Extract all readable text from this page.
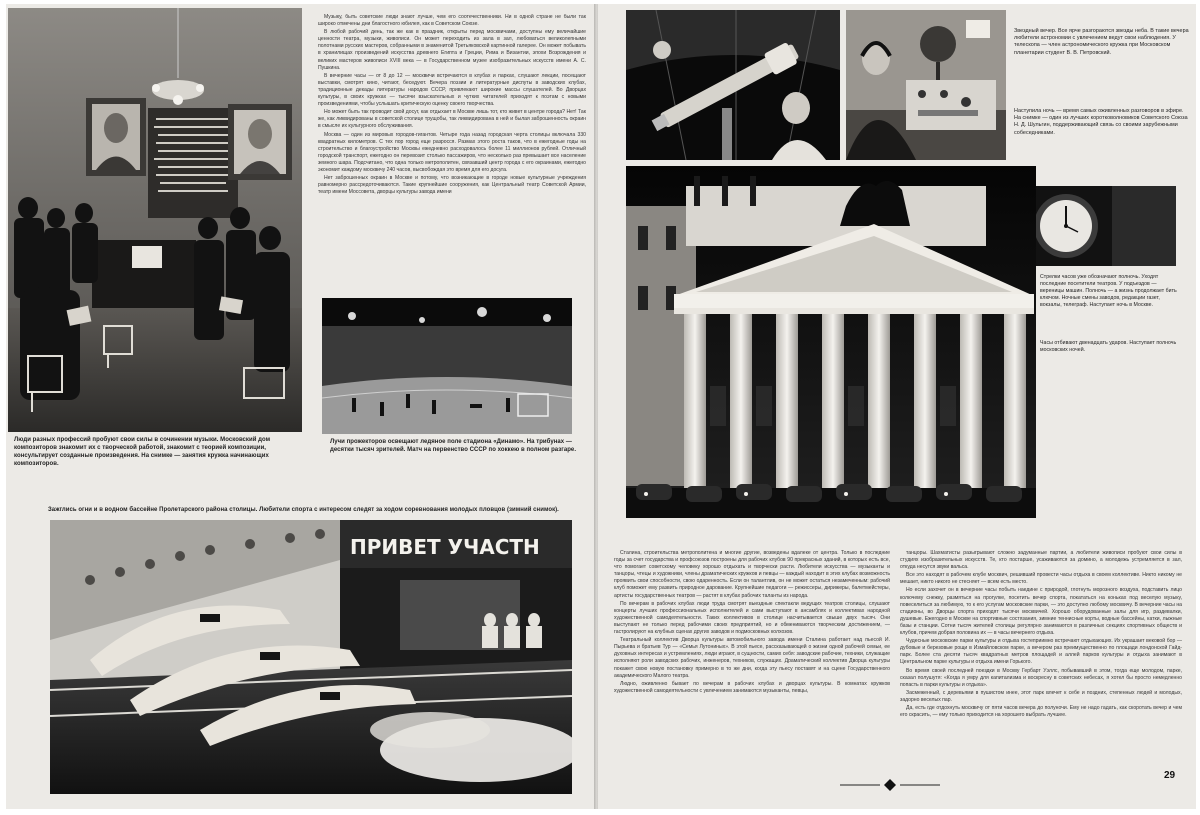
Люди разных профессий пробуют свои силы в сочинении музыки. Московский дом композиторов знакомит их с творческой работой, знакомит с теорией композиции, консультирует созданные произведения. На снимке — занятия кружка начинающих композиторов.

Музыку, быть советские люди знают лучше, чем его соотечественники. Ни в одной стране не были так широко отмечены дни благостного юбилея, как в Советском Союзе.

В любой рабочий день, так же как в праздник, открыты перед москвичами, доступны ему величайшие ценности театра, музыки, живописи. Он может переходить из зала в зал, любоваться великолепными полотнами русских мастеров, собранными в знаменитой Третьяковской картинной галерее. Он может побывать в хранилищах произведений искусства древнего Египта и Греции, Рима и Византии, эпохи Возрождения и великих мастеров живописи XVIII века — в Государственном музее изобразительных искусств имени А. С. Пушкина.

В вечерние часы — от 8 до 12 — москвичи встречаются в клубах и парках, слушают лекции, посещают выставки, смотрят кино, читают, беседуют. Вечера поэзии и литературные диспуты в заводских клубах, традиционные декады литературы народов СССР, привлекают широкие массы слушателей. Во Дворцах культуры, в своих кружках — тысячи взыскательных и чутких читателей приходят к поэтам с новыми произведениями, чтобы услышать критическую оценку своего творчества.

Но может быть так проводит свой досуг, как отдыхает в Москве лишь тот, кто живет в центре города? Нет! Так же, как ликвидированы в советской столице трущобы, так ликвидирована в ней и былая заброшенность окраин в смысле их культурного обслуживания.

Москва — один из мировых городов-гигантов. Четыре года назад городская черта столицы включала 330 квадратных километров. С тех пор город еще разросся. Размах этого роста таков, что в ежегодные годы на строительство и благоустройство Москвы ежедневно расходовалось более 11 миллионов рублей. Отличный городской транспорт, ежегодно он перевозит столько пассажиров, что несколько раз превышает все население земного шара. Подсчитано, что одна только метрополитен, связавший центр города с его окраинами, ежегодно экономит каждому москвичу 240 часов, высвобождая это время для его досуга.

Нет заброшенных окраин в Москве и потому, что возникающие в городе новые культурные учреждения равномерно рассредоточиваются. Такие крупнейшие сооружения, как Центральный театр Советской Армии, театр имени Моссовета, дворцы культуры завода имени

Лучи прожекторов освещают ледяное поле стадиона «Динамо». На трибунах — десятки тысяч зрителей. Матч на первенство СССР по хоккею в полном разгаре.
Зажглись огни и в водном бассейне Пролетарского района столицы. Любители спорта с интересом следят за ходом соревнования молодых пловцов (зимний снимок).
ПРИВЕТ УЧАСТН
Звездный вечер. Все ярче разгораются звезды неба. В такие вечера любители астрономии с увлечением ведут свои наблюдения. У телескопа — член астрономического кружка при Московском планетарии студент В. В. Петровский.
Наступила ночь — время самых оживленных разговоров в эфире. На снимке — один из лучших коротковолновиков Советского Союза Н. Д. Шульгин, поддерживающий связь со своими зарубежными собеседниками.
Стрелки часов уже обозначают полночь. Уходят последние посетители театров. У подъездов — вереницы машин. Полночь — а жизнь продолжает бить ключом. Ночные смены заводов, редакции газет, вокзалы, телеграф. Наступает ночь в Москве.
Часы отбивают двенадцать ударов. Наступает полночь московских ночей.

Сталина, строительства метрополитена и многие другие, возведены вдалеке от центра. Только в последние годы за счет государства и профсоюзов построены для рабочих клубов 90 прекрасных зданий, в которых есть все, что помогает советскому человеку хорошо отдыхать и творчески расти. Любители искусства — музыканты и танцоры, чтецы и художники, члены драматических кружков и певцы — каждый находит в этих клубах возможность проявить свои способности, свою одаренность. Если он талантлив, он не может остаться незамеченным: рабочий клуб поможет ему развить природное дарование. Крупнейшие педагоги — режиссеры, дирижеры, балетмейстеры, артисты государственных театров — растят в клубах рабочих таланты из народа.

По вечерам в рабочих клубах люди труда смотрят выездные спектакли ведущих театров столицы, слушают концерты лучших профессиональных исполнителей и сами выступают в ансамблях и коллективах народной художественной самодеятельности. Таких коллективов в столице насчитывается свыше двух тысяч. Они выступают не только перед рабочими своих предприятий, но и обмениваются творческим достижением, — гастролируют на клубных сценах других заводов и подмосковных колхозов.

Театральный коллектив Дворца культуры автомобильного завода имени Сталина работает над пьесой И. Пырьева и братьев Тур — «Семья Лутониных». В этой пьесе, рассказывающей о жизни одной рабочей семьи, ее духовных интересах и устремлениях, люди играют, в сущности, самих себя: заводские рабочие, техники, служащие исполняют роли заводских рабочих, инженеров, техников, служащих. Драматический коллектив Дворца культуры покажет свою новую постановку примерно в то же дни, когда эту пьесу поставят и на сцене Государственного академического Малого театра.

Людно, оживленно бывает по вечерам в рабочих клубах и дворцах культуры. В комнатах кружков художественной самодеятельности с увлечением занимаются музыканты, певцы,

танцоры. Шахматисты разыгрывают сложно задуманные партии, а любители живописи пробуют свои силы в студиях изобразительных искусств. Те, кто постарше, усаживаются за домино, а молодежь устремляется в зал, откуда несутся звуки вальса.

Все это находят в рабочем клубе москвич, решивший провести часы отдыха в своем коллективе. Никто никому не мешает, никто никого не стесняет — всем есть место.

Но если захочет он в вечерние часы побыть наедине с природой, глотнуть морозного воздуха, подставить лицо колючему снежку, размяться на прогулке, посетить вечер спорта, покататься на коньках под веселую музыку, повеселиться за любимую, то к его услугам московские парки, — это доступно любому москвичу. В вечерние часы на стадионы, во Дворцы спорта приходят тысячи москвичей. Хорошо оборудованные залы для игр, раздевалки, душевые. Ежегодно в Москве на спортивные состязания, зимние теннисные корты, водные бассейны, катки, лыжные базы и станции. Сотни тысяч жителей столицы регулярно занимаются в различных секциях спортивных обществ и клубов, причем добрая половина их — в часы вечернего отдыха.

Чудесные московские парки культуры и отдыха гостеприимно встречают отдыхающих. Их украшает вековой бор — дубовые и березовые рощи в Измайловском парке, а вечером раз преимущественно по площади лондонской Гайд-парк. Более ста десяти тысяч квадратных метров площадей и аллей парков культуры и отдыха занимают в Центральном парке культуры и отдыха имени Горького.

Во время своей последней поездки в Москву Гербарт Уэллс, побывавший в этом, тогда еще молодом, парке, сказал полушутя: «Когда я умру для капитализма и воскресну в советских небесах, я хотел бы просто немедленно попасть в парки культуры и отдыха».

Засмеженный, с деревьями в пушистом инее, этот парк влечет к себе и поздних, степенных людей и молодых, задорно веселых пар.

Да, есть где отдохнуть москвичу от пяти часов вечера до полуночи. Ему не надо гадать, как скоротать вечер и чем его скрасить, — ему только приходится на хорошего выбрать лучшее.

29
